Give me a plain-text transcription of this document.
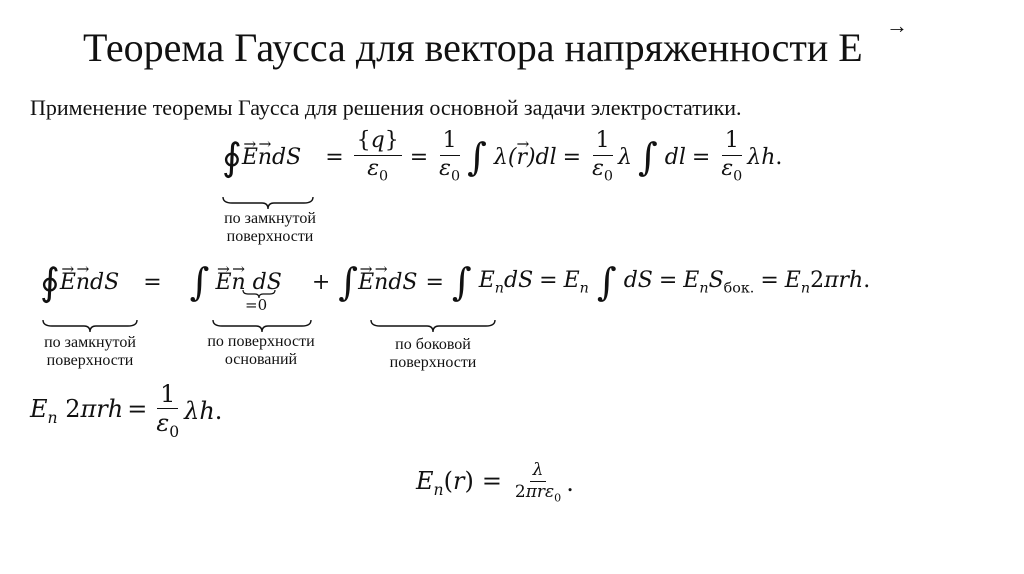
Теорема Гаусса для вектора напряженности E →
Применение теоремы Гаусса для решения основной задачи электростатики.
∮ → E→ ndS = $\frac{\{q\}}{\varepsilon_0} = \frac{1}{\varepsilon_0}$ ∫ $\lambda(\to r)dl = \frac{1}{\varepsilon_0}$ λ ∫ dl = $\frac{1}{\varepsilon_0} \lambda h$.
по замкнутой поверхности
∮ → E→ ndS = ∫ → E→ n dS + ∫ → E→ ndS = ∫ $E_ndS = E_n$ ∫ dS = $E_nS_{бок.} = E_n2\pi rh$.
=0
по замкнутой поверхности
по поверхности оснований
по боковой поверхности
$E_n$ $2\pi rh = \frac{1}{\varepsilon_0} \lambda h$.
$E_n(r) = \frac{\lambda}{2\pi r\varepsilon_0}$ .
